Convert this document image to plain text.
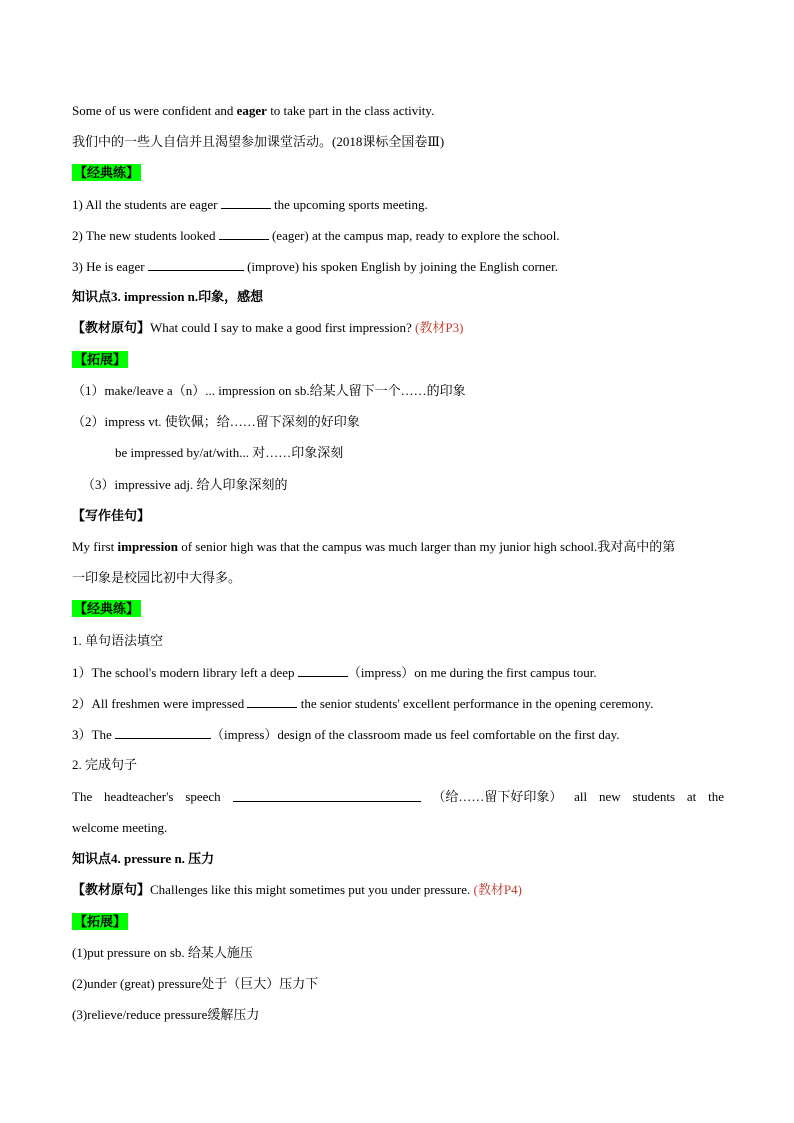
Some of us were confident and eager to take part in the class activity.
我们中的一些人自信并且渴望参加课堂活动。(2018课标全国卷Ⅲ)
【经典练】
1) All the students are eager	the upcoming sports meeting.
2) The new students looked	(eager) at the campus map, ready to explore the school.
3) He is eager	(improve) his spoken English by joining the English corner.
知识点3. impression n.印象，感想
【教材原句】What could I say to make a good first impression? (教材P3)
【拓展】
（1）make/leave a（n）... impression on sb.给某人留下一个……的印象
（2）impress vt. 使钦佩；给……留下深刻的好印象
be impressed by/at/with... 对……印象深刻
（3）impressive adj. 给人印象深刻的
【写作佳句】
My first impression of senior high was that the campus was much larger than my junior high school.我对高中的第
一印象是校园比初中大得多。
【经典练】
1. 单句语法填空
1）The school's modern library left a deep	（impress）on me during the first campus tour.
2）All freshmen were impressed	the senior students' excellent performance in the opening ceremony.
3）The	（impress）design of the classroom made us feel comfortable on the first day.
2. 完成句子
The headteacher's speech	（给……留下好印象） all new students at the
welcome meeting.
知识点4. pressure n. 压力
【教材原句】Challenges like this might sometimes put you under pressure. (教材P4)
【拓展】
(1)put pressure on sb. 给某人施压
(2)under (great) pressure处于（巨大）压力下
(3)relieve/reduce pressure缓解压力
